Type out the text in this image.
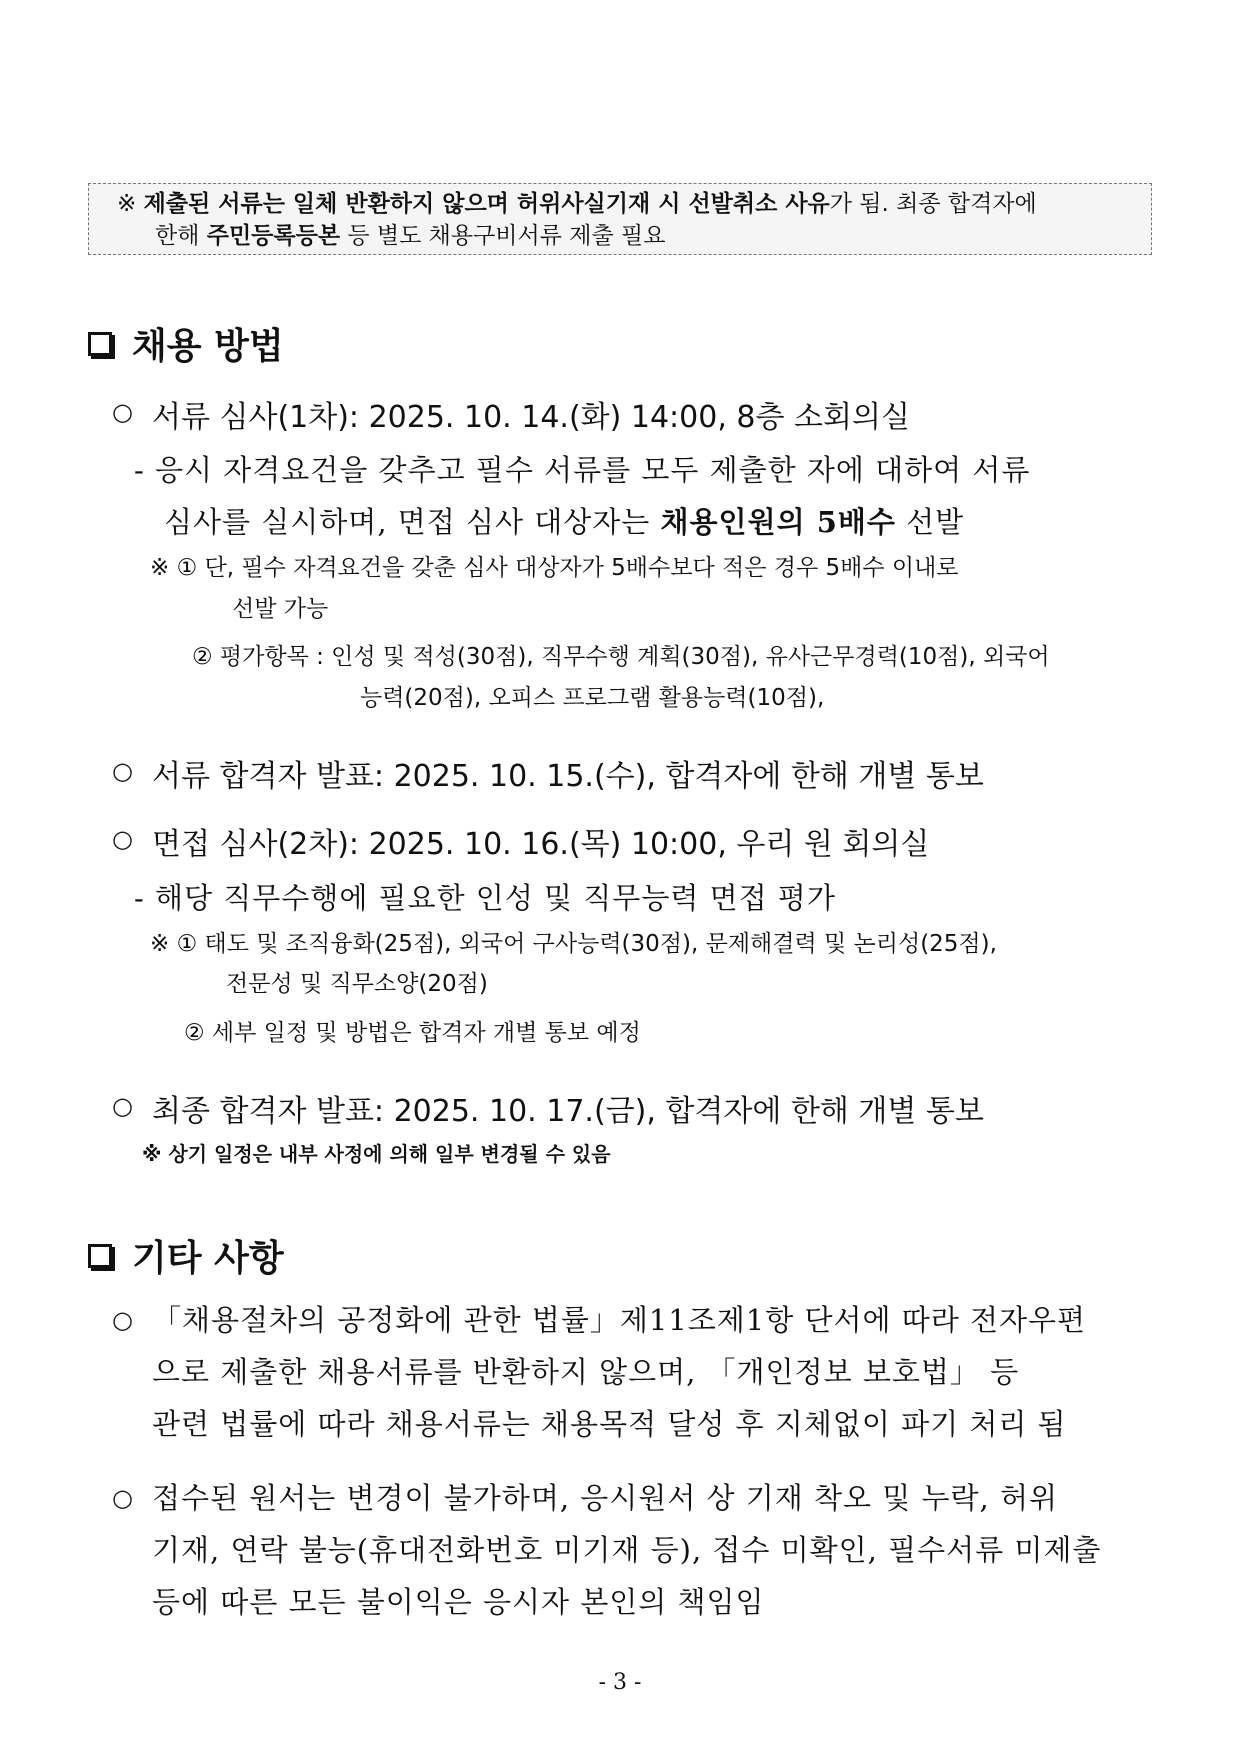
※ 제출된 서류는 일체 반환하지 않으며 허위사실기재 시 선발취소 사유가 됨. 최종 합격자에
한해 주민등록등본 등 별도 채용구비서류 제출 필요
채용 방법
○ 서류 심사(1차): 2025. 10. 14.(화) 14:00, 8층 소회의실
- 응시 자격요건을 갖추고 필수 서류를 모두 제출한 자에 대하여 서류
심사를 실시하며, 면접 심사 대상자는 채용인원의 5배수 선발
※ ① 단, 필수 자격요건을 갖춘 심사 대상자가 5배수보다 적은 경우 5배수 이내로
선발 가능
② 평가항목 : 인성 및 적성(30점), 직무수행 계획(30점), 유사근무경력(10점), 외국어
능력(20점), 오피스 프로그램 활용능력(10점),
○ 서류 합격자 발표: 2025. 10. 15.(수), 합격자에 한해 개별 통보
○ 면접 심사(2차): 2025. 10. 16.(목) 10:00, 우리 원 회의실
- 해당 직무수행에 필요한 인성 및 직무능력 면접 평가
※ ① 태도 및 조직융화(25점), 외국어 구사능력(30점), 문제해결력 및 논리성(25점),
전문성 및 직무소양(20점)
② 세부 일정 및 방법은 합격자 개별 통보 예정
○ 최종 합격자 발표: 2025. 10. 17.(금), 합격자에 한해 개별 통보
※ 상기 일정은 내부 사정에 의해 일부 변경될 수 있음
기타 사항
○ 「채용절차의 공정화에 관한 법률」제11조제1항 단서에 따라 전자우편
으로 제출한 채용서류를 반환하지 않으며, 「개인정보 보호법」 등
관련 법률에 따라 채용서류는 채용목적 달성 후 지체없이 파기 처리 됨
○ 접수된 원서는 변경이 불가하며, 응시원서 상 기재 착오 및 누락, 허위
기재, 연락 불능(휴대전화번호 미기재 등), 접수 미확인, 필수서류 미제출
등에 따른 모든 불이익은 응시자 본인의 책임임
- 3 -
